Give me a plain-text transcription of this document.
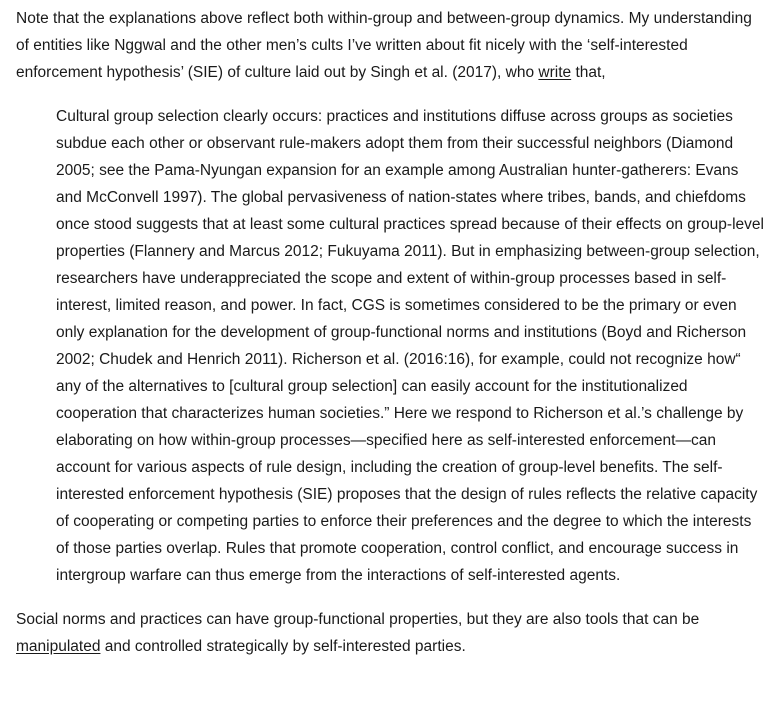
Note that the explanations above reflect both within-group and between-group dynamics. My understanding of entities like Nggwal and the other men’s cults I’ve written about fit nicely with the ‘self-interested enforcement hypothesis’ (SIE) of culture laid out by Singh et al. (2017), who write that,

Cultural group selection clearly occurs: practices and institutions diffuse across groups as societies subdue each other or observant rule-makers adopt them from their successful neighbors (Diamond 2005; see the Pama-Nyungan expansion for an example among Australian hunter-gatherers: Evans and McConvell 1997). The global pervasiveness of nation-states where tribes, bands, and chiefdoms once stood suggests that at least some cultural practices spread because of their effects on group-level properties (Flannery and Marcus 2012; Fukuyama 2011). But in emphasizing between-group selection, researchers have underappreciated the scope and extent of within-group processes based in self-interest, limited reason, and power. In fact, CGS is sometimes considered to be the primary or even only explanation for the development of group-functional norms and institutions (Boyd and Richerson 2002; Chudek and Henrich 2011). Richerson et al. (2016:16), for example, could not recognize how“ any of the alternatives to [cultural group selection] can easily account for the institutionalized cooperation that characterizes human societies.” Here we respond to Richerson et al.’s challenge by elaborating on how within-group processes—specified here as self-interested enforcement—can account for various aspects of rule design, including the creation of group-level benefits. The self-interested enforcement hypothesis (SIE) proposes that the design of rules reflects the relative capacity of cooperating or competing parties to enforce their preferences and the degree to which the interests of those parties overlap. Rules that promote cooperation, control conflict, and encourage success in intergroup warfare can thus emerge from the interactions of self-interested agents.

Social norms and practices can have group-functional properties, but they are also tools that can be manipulated and controlled strategically by self-interested parties.
